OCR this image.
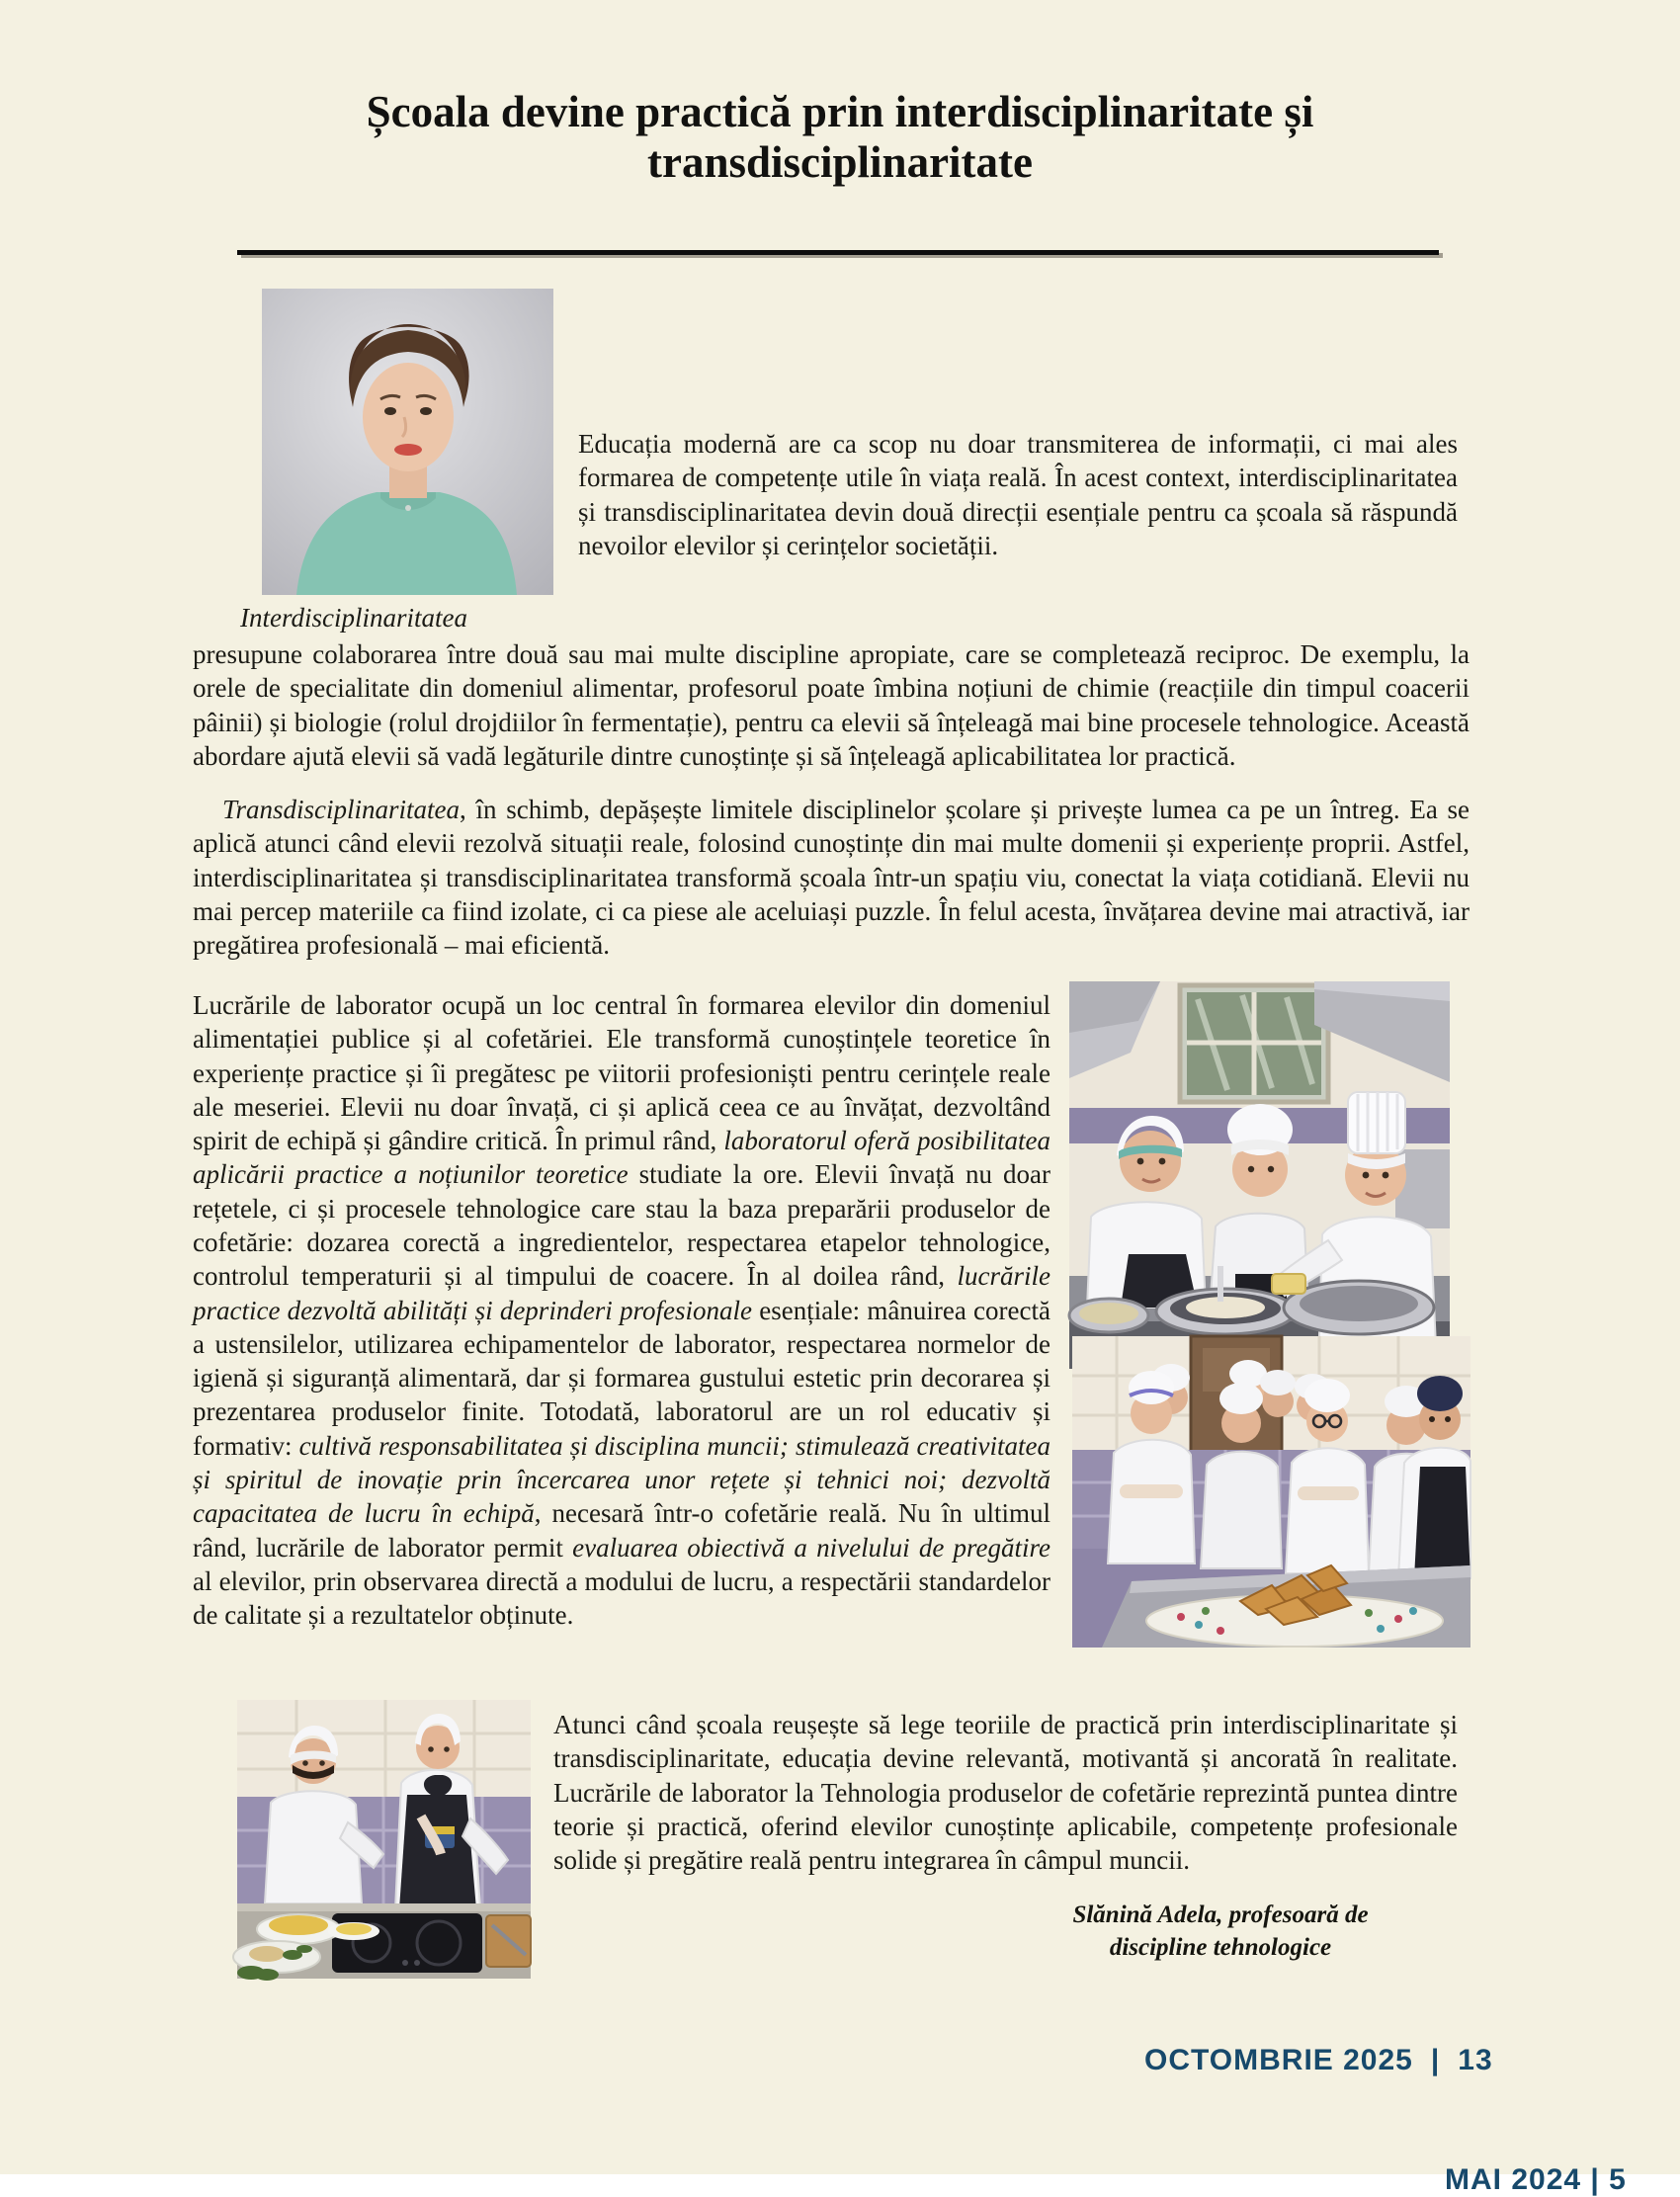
Școala devine practică prin interdisciplinaritate și
transdisciplinaritate
Educația modernă are ca scop nu doar transmiterea de informații, ci mai ales formarea de competențe utile în viața reală. În acest context, interdisciplinaritatea și transdisciplinaritatea devin două direcții esențiale pentru ca școala să răspundă nevoilor elevilor și cerințelor societății.
Interdisciplinaritatea
presupune colaborarea între două sau mai multe discipline apropiate, care se completează reciproc. De exemplu, la orele de specialitate din domeniul alimentar, profesorul poate îmbina noțiuni de chimie (reacțiile din timpul coacerii pâinii) și biologie (rolul drojdiilor în fermentație), pentru ca elevii să înțeleagă mai bine procesele tehnologice. Această abordare ajută elevii să vadă legăturile dintre cunoștințe și să înțeleagă aplicabilitatea lor practică.
Transdisciplinaritatea, în schimb, depășește limitele disciplinelor școlare și privește lumea ca pe un întreg. Ea se aplică atunci când elevii rezolvă situații reale, folosind cunoștințe din mai multe domenii și experiențe proprii. Astfel, interdisciplinaritatea și transdisciplinaritatea transformă școala într-un spațiu viu, conectat la viața cotidiană. Elevii nu mai percep materiile ca fiind izolate, ci ca piese ale aceluiași puzzle. În felul acesta, învățarea devine mai atractivă, iar pregătirea profesională – mai eficientă.
Lucrările de laborator ocupă un loc central în formarea elevilor din domeniul alimentației publice și al cofetăriei. Ele transformă cunoștințele teoretice în experiențe practice și îi pregătesc pe viitorii profesioniști pentru cerințele reale ale meseriei. Elevii nu doar învață, ci și aplică ceea ce au învățat, dezvoltând spirit de echipă și gândire critică. În primul rând, laboratorul oferă posibilitatea aplicării practice a noțiunilor teoretice studiate la ore. Elevii învață nu doar rețetele, ci și procesele tehnologice care stau la baza preparării produselor de cofetărie: dozarea corectă a ingredientelor, respectarea etapelor tehnologice, controlul temperaturii și al timpului de coacere. În al doilea rând, lucrările practice dezvoltă abilități și deprinderi profesionale esențiale: mânuirea corectă a ustensilelor, utilizarea echipamentelor de laborator, respectarea normelor de igienă și siguranță alimentară, dar și formarea gustului estetic prin decorarea și prezentarea produselor finite. Totodată, laboratorul are un rol educativ și formativ: cultivă responsabilitatea și disciplina muncii; stimulează creativitatea și spiritul de inovație prin încercarea unor rețete și tehnici noi; dezvoltă capacitatea de lucru în echipă, necesară într-o cofetărie reală. Nu în ultimul rând, lucrările de laborator permit evaluarea obiectivă a nivelului de pregătire al elevilor, prin observarea directă a modului de lucru, a respectării standardelor de calitate și a rezultatelor obținute.
Atunci când școala reușește să lege teoriile de practică prin interdisciplinaritate și transdisciplinaritate, educația devine relevantă, motivantă și ancorată în realitate. Lucrările de laborator la Tehnologia produselor de cofetărie reprezintă puntea dintre teorie și practică, oferind elevilor cunoștințe aplicabile, competențe profesionale solide și pregătire reală pentru integrarea în câmpul muncii.
Slănină Adela, profesoară de
discipline tehnologice
OCTOMBRIE 2025 | 13
MAI 2024 | 5
